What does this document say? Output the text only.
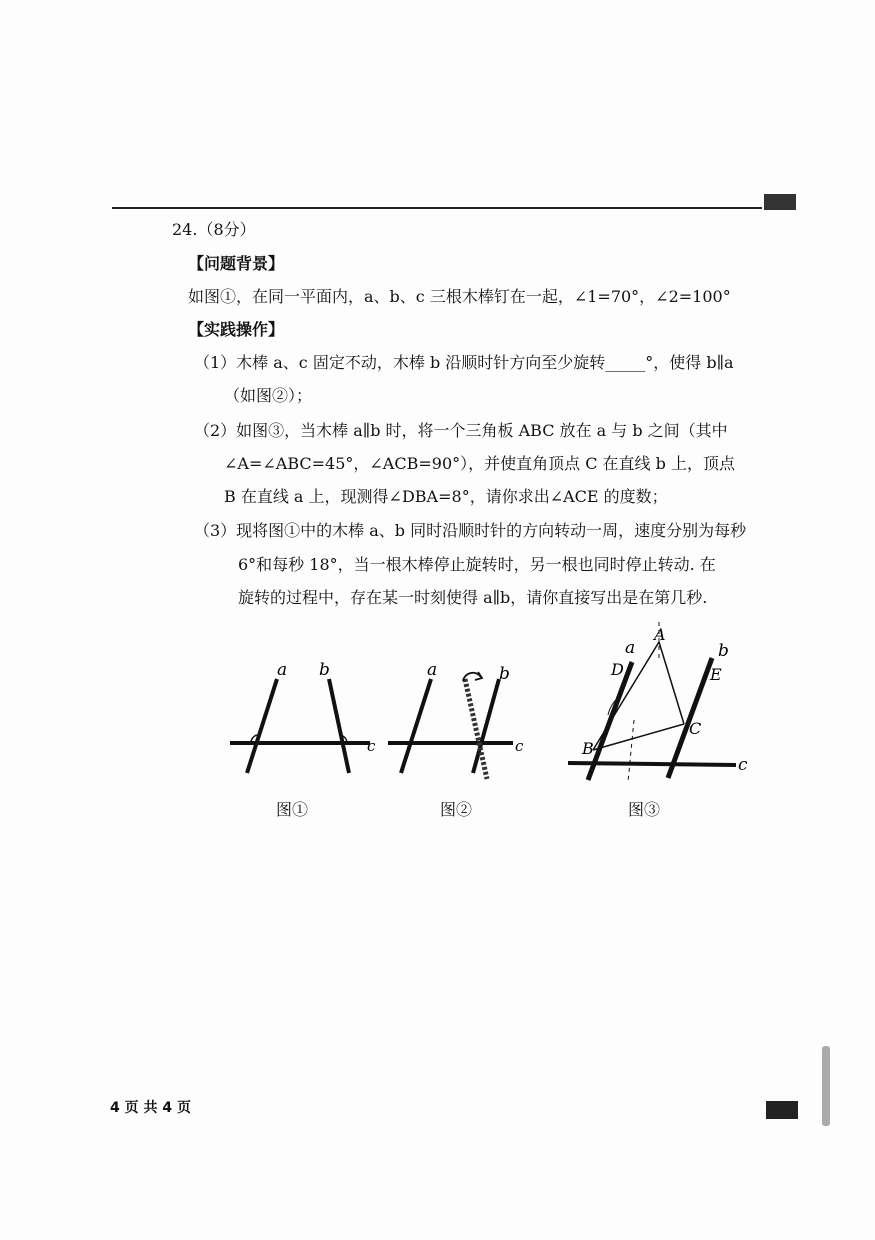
24.（8分）
【问题背景】
如图①，在同一平面内，a、b、c 三根木棒钉在一起，∠1=70°，∠2=100°
【实践操作】
（1）木棒 a、c 固定不动，木棒 b 沿顺时针方向至少旋转_____°，使得 b∥a
（如图②）；
（2）如图③，当木棒 a∥b 时，将一个三角板 ABC 放在 a 与 b 之间（其中
∠A=∠ABC=45°，∠ACB=90°），并使直角顶点 C 在直线 b 上，顶点
B 在直线 a 上，现测得∠DBA=8°，请你求出∠ACE 的度数；
（3）现将图①中的木棒 a、b 同时沿顺时针的方向转动一周，速度分别为每秒
6°和每秒 18°，当一根木棒停止旋转时，另一根也同时停止转动. 在
旋转的过程中，存在某一时刻使得 a∥b，请你直接写出是在第几秒.
a b
c
图①
a	b
c
图②
a
A
b
D	E
C
B
c
图③
4 页 共 4 页
